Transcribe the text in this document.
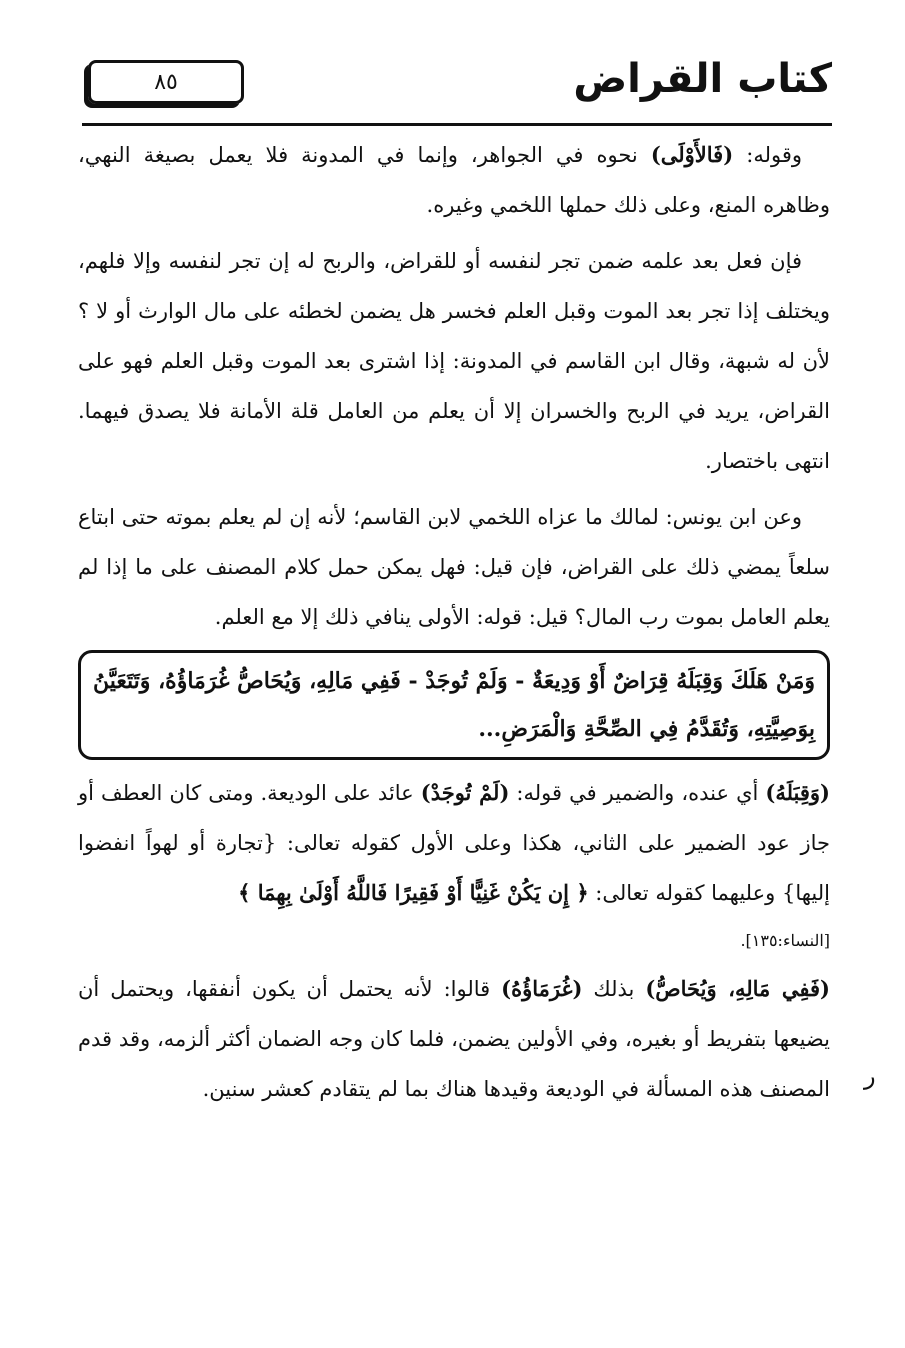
٨٥	كتاب القراض

وقوله: (فَالأَوْلَى) نحوه في الجواهر، وإنما في المدونة فلا يعمل بصيغة النهي، وظاهره المنع، وعلى ذلك حملها اللخمي وغيره.

فإن فعل بعد علمه ضمن تجر لنفسه أو للقراض، والربح له إن تجر لنفسه وإلا فلهم، ويختلف إذا تجر بعد الموت وقبل العلم فخسر هل يضمن لخطئه على مال الوارث أو لا ؟ لأن له شبهة، وقال ابن القاسم في المدونة: إذا اشترى بعد الموت وقبل العلم فهو على القراض، يريد في الربح والخسران إلا أن يعلم من العامل قلة الأمانة فلا يصدق فيهما. انتهى باختصار.

وعن ابن يونس: لمالك ما عزاه اللخمي لابن القاسم؛ لأنه إن لم يعلم بموته حتى ابتاع سلعاً يمضي ذلك على القراض، فإن قيل: فهل يمكن حمل كلام المصنف على ما إذا لم يعلم العامل بموت رب المال؟ قيل: قوله: الأولى ينافي ذلك إلا مع العلم.

وَمَنْ هَلَكَ وَقِبَلَهُ قِرَاضٌ أَوْ وَدِيعَةٌ - وَلَمْ تُوجَدْ - فَفِي مَالِهِ، وَيُحَاصُّ غُرَمَاؤُهُ، وَتَتَعَيَّنُ بِوَصِيَّتِهِ، وَتُقَدَّمُ فِي الصِّحَّةِ وَالْمَرَضِ...

(وَقِبَلَهُ) أي عنده، والضمير في قوله: (لَمْ تُوجَدْ) عائد على الوديعة. ومتى كان العطف أو جاز عود الضمير على الثاني، هكذا وعلى الأول كقوله تعالى: {تجارة أو لهواً انفضوا إليها} وعليهما كقوله تعالى: ﴿ إِن يَكُنْ غَنِيًّا أَوْ فَقِيرًا فَاللَّهُ أَوْلَىٰ بِهِمَا ﴾

[النساء:١٣٥].

(فَفِي مَالِهِ، وَيُحَاصُّ) بذلك (غُرَمَاؤُهُ) قالوا: لأنه يحتمل أن يكون أنفقها، ويحتمل أن يضيعها بتفريط أو بغيره، وفي الأولين يضمن، فلما كان وجه الضمان أكثر ألزمه، وقد قدم المصنف هذه المسألة في الوديعة وقيدها هناك بما لم يتقادم كعشر سنين. ر
